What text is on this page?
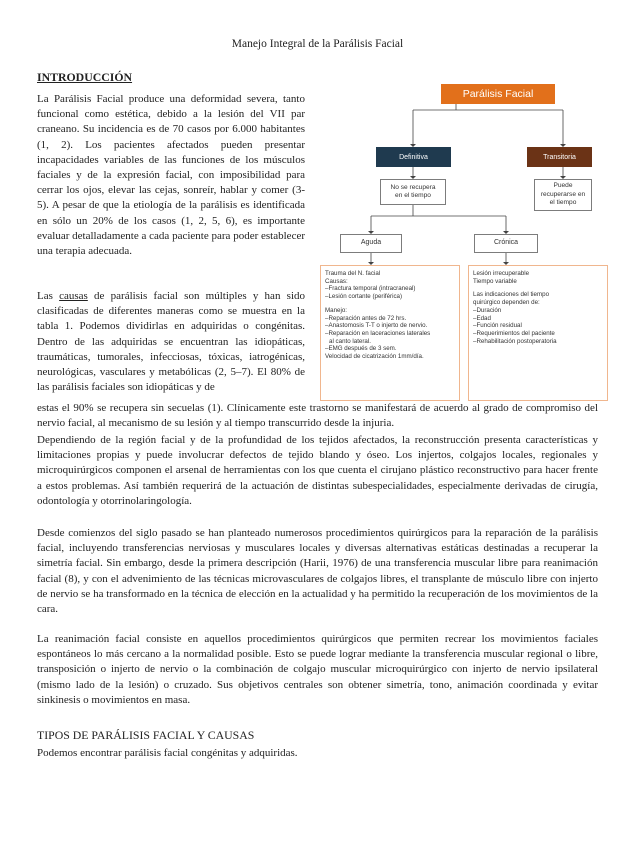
Manejo Integral de la Parálisis Facial
INTRODUCCIÓN

La Parálisis Facial produce una deformidad severa, tanto funcional como estética, debido a la lesión del VII par craneano. Su incidencia es de 70 casos por 6.000 habitantes (1, 2). Los pacientes afectados pueden presentar incapacidades variables de las funciones de los músculos faciales y de la expresión facial, con imposibilidad para cerrar los ojos, elevar las cejas, sonreír, hablar y comer (3-5). A pesar de que la etiología de la parálisis es identificada en sólo un 20% de los casos (1, 2, 5, 6), es importante evaluar detalladamente a cada paciente para poder establecer una terapia adecuada.

Las causas de parálisis facial son múltiples y han sido clasificadas de diferentes maneras como se muestra en la tabla 1. Podemos dividirlas en adquiridas o congénitas. Dentro de las adquiridas se encuentran las idiopáticas, traumáticas, tumorales, infecciosas, tóxicas, iatrogénicas, neurológicas, vasculares y metabólicas (2, 5–7). El 80% de las parálisis faciales son idiopáticas y de

estas el 90% se recupera sin secuelas (1). Clínicamente este trastorno se manifestará de acuerdo al grado de compromiso del nervio facial, al mecanismo de su lesión y al tiempo transcurrido desde la injuria.

Dependiendo de la región facial y de la profundidad de los tejidos afectados, la reconstrucción presenta características y limitaciones propias y puede involucrar defectos de tejido blando y óseo. Los injertos, colgajos locales, regionales y microquirúrgicos componen el arsenal de herramientas con los que cuenta el cirujano plástico reconstructivo para hacer frente a estos problemas. Así también requerirá de la actuación de distintas subespecialidades, especialmente derivadas de cirugía, odontología y otorrinolaringología.

Desde comienzos del siglo pasado se han planteado numerosos procedimientos quirúrgicos para la reparación de la parálisis facial, incluyendo transferencias nerviosas y musculares locales y diversas alternativas estáticas destinadas a recuperar la simetría facial. Sin embargo, desde la primera descripción (Harii, 1976) de una transferencia muscular libre para reanimación facial (8), y con el advenimiento de las técnicas microvasculares de colgajos libres, el transplante de músculo libre con injerto de nervio se ha transformado en la técnica de elección en la actualidad y ha permitido la recuperación de los movimientos de la cara.

La reanimación facial consiste en aquellos procedimientos quirúrgicos que permiten recrear los movimientos faciales espontáneos lo más cercano a la normalidad posible. Esto se puede lograr mediante la transferencia muscular regional o libre, transposición o injerto de nervio o la combinación de colgajo muscular microquirúrgico con injerto de nervio ipsilateral (mismo lado de la lesión) o cruzado. Sus objetivos centrales son obtener simetría, tono, animación coordinada y evitar sinkinesis o movimientos en masa.

TIPOS DE PARÁLISIS FACIAL Y CAUSAS

Podemos encontrar parálisis facial congénitas y adquiridas.

Parálisis Facial
Definitiva	Transitoria
No se recupera
en el tiempo
Puede
recuperarse en
el tiempo
Aguda	Crónica
Trauma del N. facial
Causas:
–Fractura temporal (intracraneal)
–Lesión cortante (periférica)
Manejo:
–Reparación antes de 72 hrs.
–Anastomosis T-T o injerto de nervio.
–Reparación en laceraciones laterales
al canto lateral.
–EMG después de 3 sem.
Velocidad de cicatrización 1mm/día.
Lesión irrecuperable
Tiempo variable
Las indicaciones del tiempo
quirúrgico dependen de:
–Duración
–Edad
–Función residual
–Requerimientos del paciente
–Rehabilitación postoperatoria
